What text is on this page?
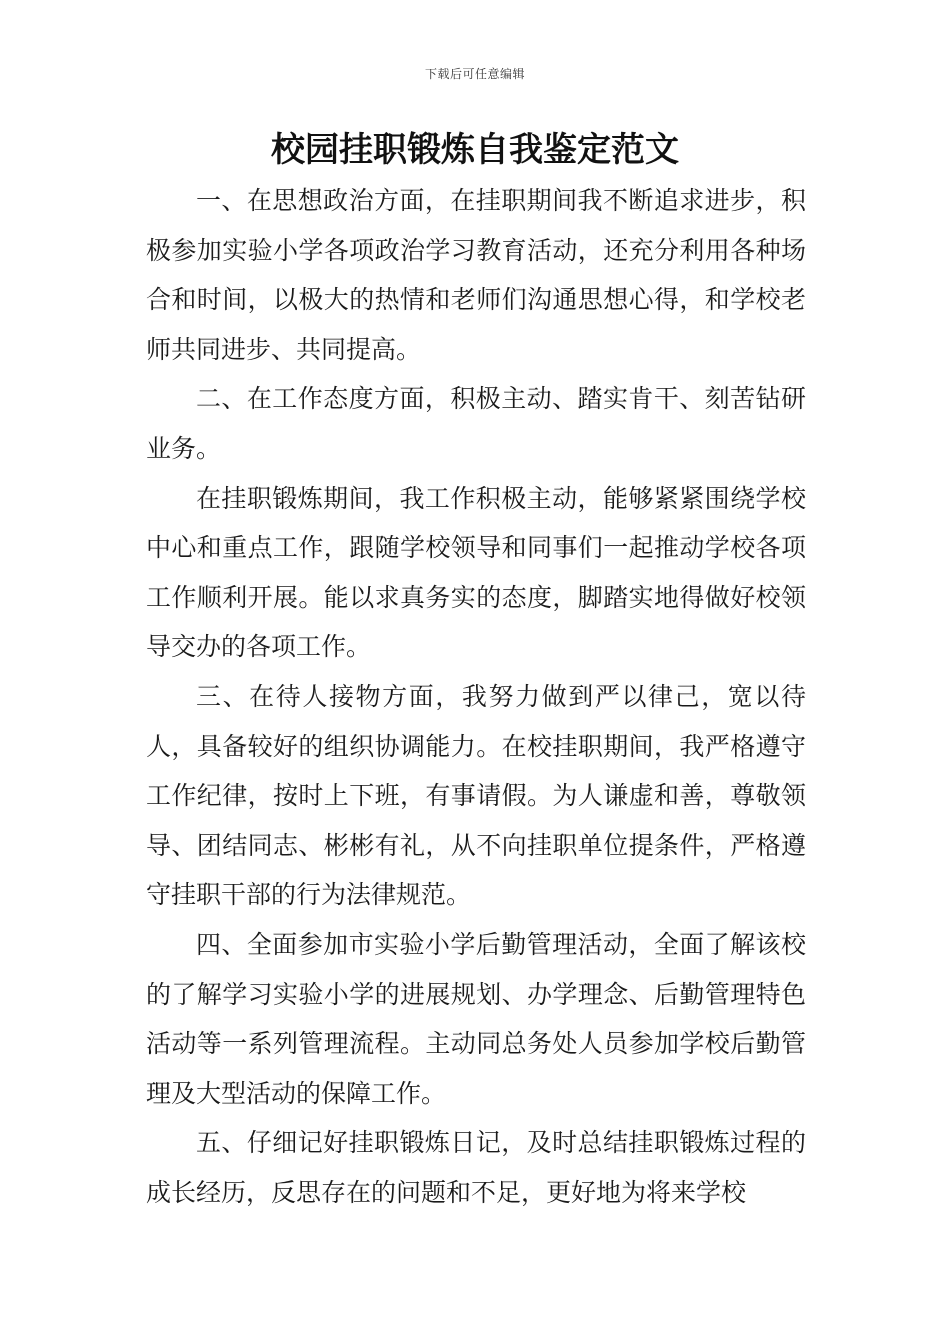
下载后可任意编辑
校园挂职锻炼自我鉴定范文

一、在思想政治方面，在挂职期间我不断追求进步，积极参加实验小学各项政治学习教育活动，还充分利用各种场合和时间，以极大的热情和老师们沟通思想心得，和学校老师共同进步、共同提高。

二、在工作态度方面，积极主动、踏实肯干、刻苦钻研业务。

在挂职锻炼期间，我工作积极主动，能够紧紧围绕学校中心和重点工作，跟随学校领导和同事们一起推动学校各项工作顺利开展。能以求真务实的态度，脚踏实地得做好校领导交办的各项工作。

三、在待人接物方面，我努力做到严以律己，宽以待人，具备较好的组织协调能力。在校挂职期间，我严格遵守工作纪律，按时上下班，有事请假。为人谦虚和善，尊敬领导、团结同志、彬彬有礼，从不向挂职单位提条件，严格遵守挂职干部的行为法律规范。

四、全面参加市实验小学后勤管理活动，全面了解该校的了解学习实验小学的进展规划、办学理念、后勤管理特色活动等一系列管理流程。主动同总务处人员参加学校后勤管理及大型活动的保障工作。

五、仔细记好挂职锻炼日记，及时总结挂职锻炼过程的成长经历，反思存在的问题和不足，更好地为将来学校
